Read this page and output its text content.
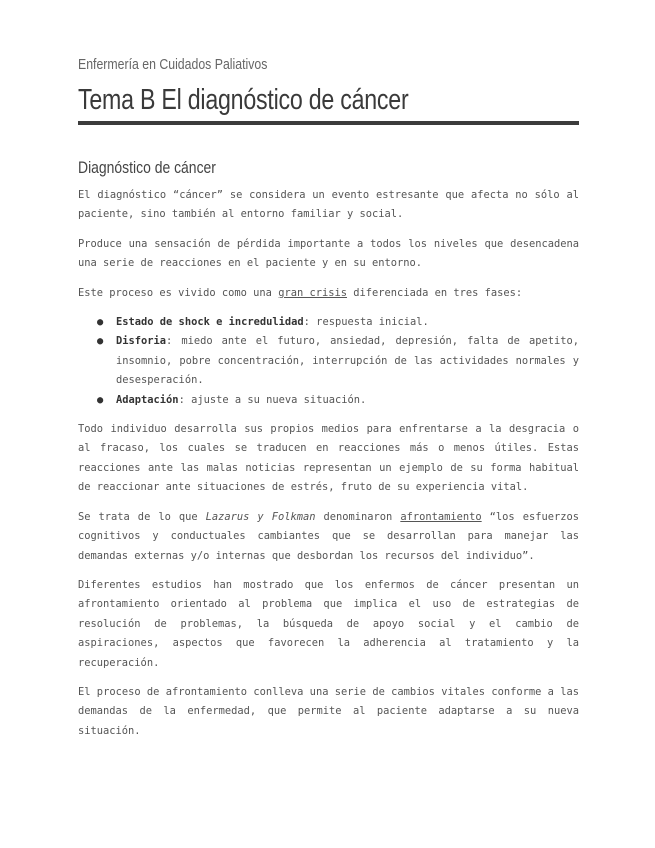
Enfermería en Cuidados Paliativos
Tema B El diagnóstico de cáncer
Diagnóstico de cáncer

El diagnóstico “cáncer” se considera un evento estresante que afecta no sólo al paciente, sino también al entorno familiar y social.

Produce una sensación de pérdida importante a todos los niveles que desencadena una serie de reacciones en el paciente y en su entorno.

Este proceso es vivido como una gran crisis diferenciada en tres fases:

● Estado de shock e incredulidad: respuesta inicial.
● Disforia: miedo ante el futuro, ansiedad, depresión, falta de apetito, insomnio, pobre concentración, interrupción de las actividades normales y desesperación.
● Adaptación: ajuste a su nueva situación.

Todo individuo desarrolla sus propios medios para enfrentarse a la desgracia o al fracaso, los cuales se traducen en reacciones más o menos útiles. Estas reacciones ante las malas noticias representan un ejemplo de su forma habitual de reaccionar ante situaciones de estrés, fruto de su experiencia vital.

Se trata de lo que Lazarus y Folkman denominaron afrontamiento “los esfuerzos cognitivos y conductuales cambiantes que se desarrollan para manejar las demandas externas y/o internas que desbordan los recursos del individuo”.

Diferentes estudios han mostrado que los enfermos de cáncer presentan un afrontamiento orientado al problema que implica el uso de estrategias de resolución de problemas, la búsqueda de apoyo social y el cambio de aspiraciones, aspectos que favorecen la adherencia al tratamiento y la recuperación.

El proceso de afrontamiento conlleva una serie de cambios vitales conforme a las demandas de la enfermedad, que permite al paciente adaptarse a su nueva situación.
